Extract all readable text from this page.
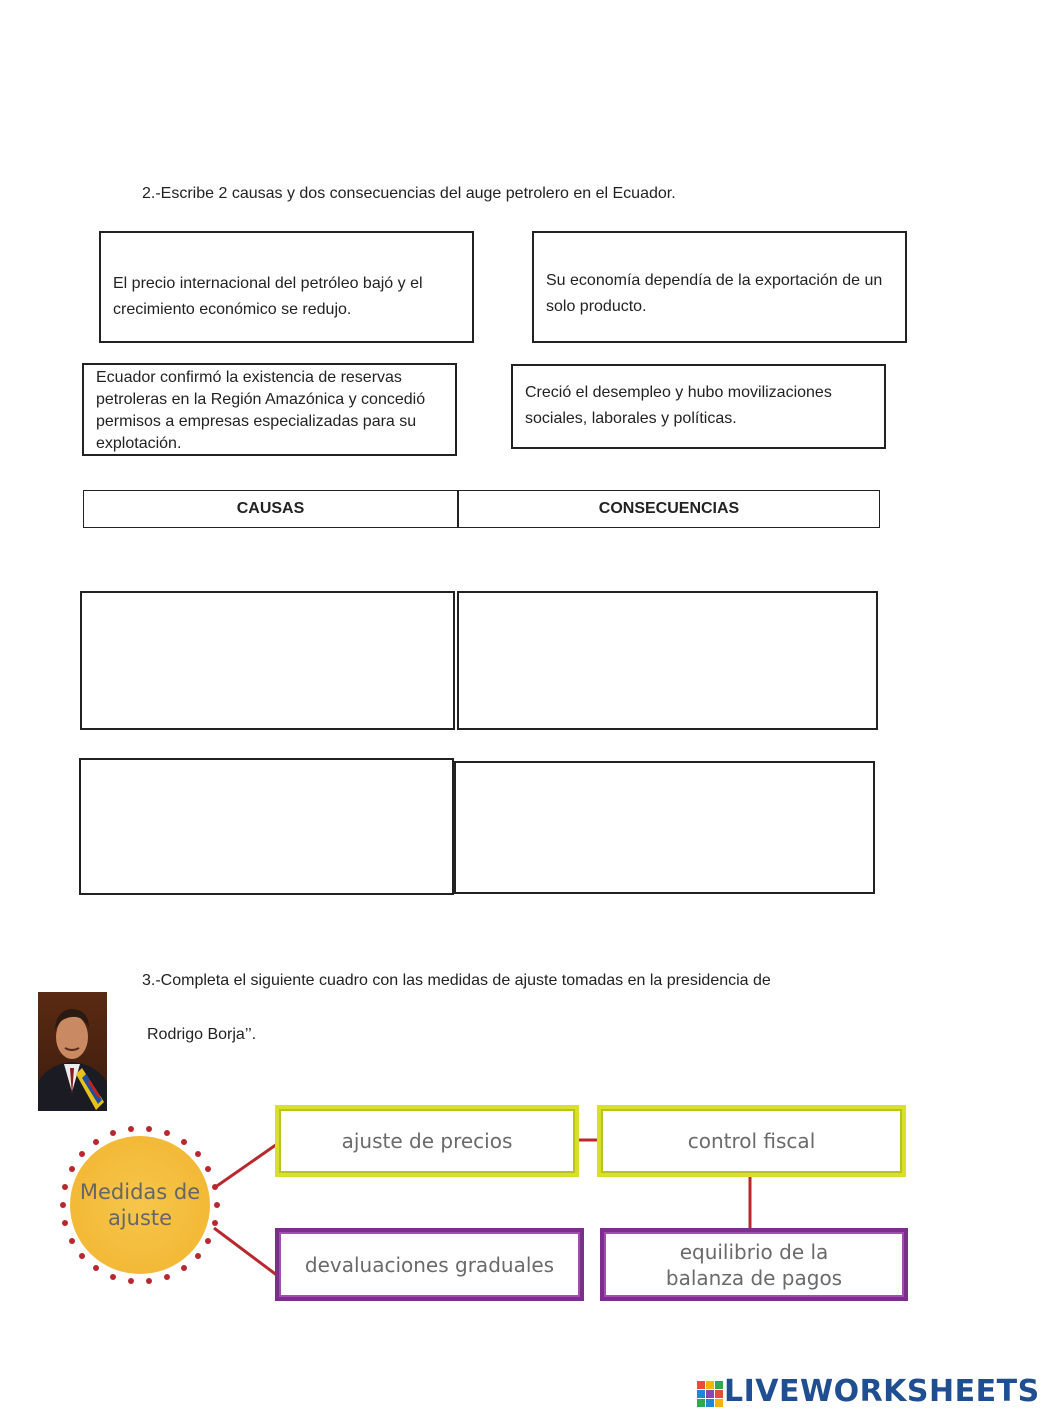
2.-Escribe 2 causas y dos consecuencias del auge petrolero en el Ecuador.
El precio internacional del petróleo bajó y el crecimiento económico se redujo.
Su economía dependía de la exportación de un solo producto.
Ecuador confirmó la existencia de reservas petroleras en la Región Amazónica y concedió permisos a empresas especializadas para su explotación.
Creció el desempleo y hubo movilizaciones sociales, laborales y políticas.
CAUSAS	CONSECUENCIAS
3.-Completa el siguiente cuadro con las medidas de ajuste tomadas en la presidencia de
Rodrigo Borja’’.
Medidas de ajuste
ajuste de precios	control fiscal
devaluaciones graduales
equilibrio de la balanza de pagos
LIVEWORKSHEETS
